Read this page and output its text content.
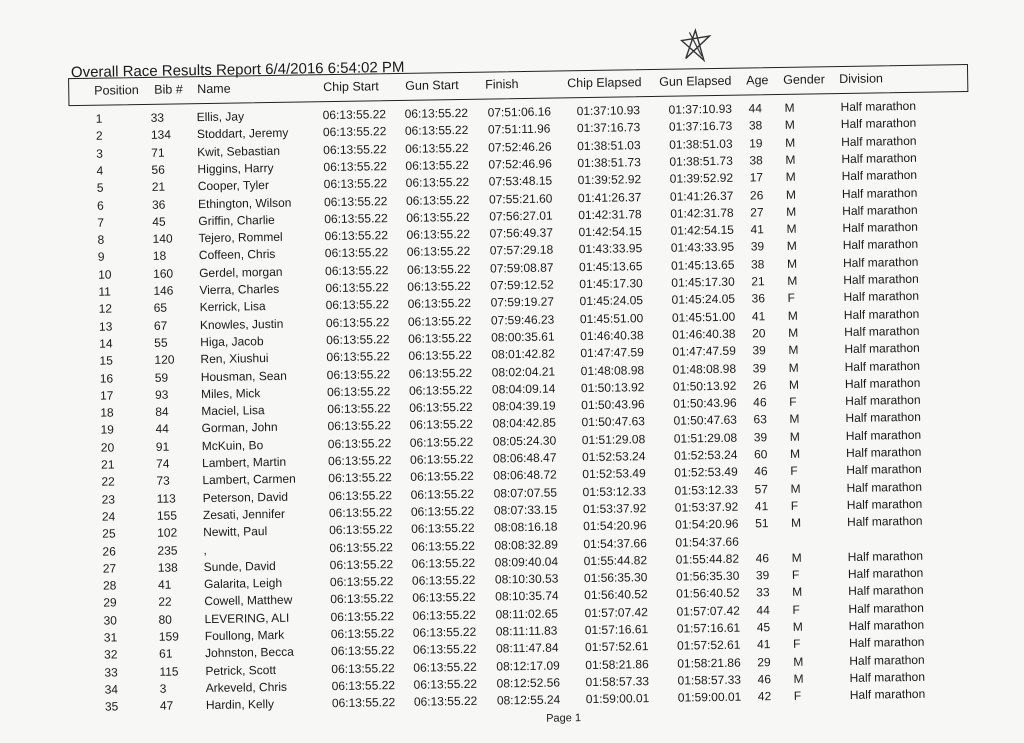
Overall Race Results Report 6/4/2016 6:54:02 PM
Position Bib # Name	Chip Start Gun Start Finish	Chip Elapsed Gun Elapsed Age Gender Division
1	33	Ellis, Jay	06:13:55.22 06:13:55.22 07:51:06.16 01:37:10.93 01:37:10.93 44 M	Half marathon
2	134 Stoddart, Jeremy	06:13:55.22 06:13:55.22 07:51:11.96 01:37:16.73 01:37:16.73 38 M	Half marathon
3	71	Kwit, Sebastian	06:13:55.22 06:13:55.22 07:52:46.26 01:38:51.03 01:38:51.03 19 M	Half marathon
4	56	Higgins, Harry	06:13:55.22 06:13:55.22 07:52:46.96 01:38:51.73 01:38:51.73 38 M	Half marathon
5	21	Cooper, Tyler	06:13:55.22 06:13:55.22 07:53:48.15 01:39:52.92 01:39:52.92 17 M	Half marathon
6	36	Ethington, Wilson	06:13:55.22 06:13:55.22 07:55:21.60 01:41:26.37 01:41:26.37 26 M	Half marathon
7	45	Griffin, Charlie	06:13:55.22 06:13:55.22 07:56:27.01 01:42:31.78 01:42:31.78 27 M	Half marathon
8	140 Tejero, Rommel	06:13:55.22 06:13:55.22 07:56:49.37 01:42:54.15 01:42:54.15 41 M	Half marathon
9	18	Coffeen, Chris	06:13:55.22 06:13:55.22 07:57:29.18 01:43:33.95 01:43:33.95 39 M	Half marathon
10	160 Gerdel, morgan	06:13:55.22 06:13:55.22 07:59:08.87 01:45:13.65 01:45:13.65 38 M	Half marathon
11	146 Vierra, Charles	06:13:55.22 06:13:55.22 07:59:12.52 01:45:17.30 01:45:17.30 21 M	Half marathon
12	65	Kerrick, Lisa	06:13:55.22 06:13:55.22 07:59:19.27 01:45:24.05 01:45:24.05 36 F	Half marathon
13	67	Knowles, Justin	06:13:55.22 06:13:55.22 07:59:46.23 01:45:51.00 01:45:51.00 41 M	Half marathon
14	55	Higa, Jacob	06:13:55.22 06:13:55.22 08:00:35.61 01:46:40.38 01:46:40.38 20 M	Half marathon
15	120 Ren, Xiushui	06:13:55.22 06:13:55.22 08:01:42.82 01:47:47.59 01:47:47.59 39 M	Half marathon
16	59	Housman, Sean	06:13:55.22 06:13:55.22 08:02:04.21 01:48:08.98 01:48:08.98 39 M	Half marathon
17	93	Miles, Mick	06:13:55.22 06:13:55.22 08:04:09.14 01:50:13.92 01:50:13.92 26 M	Half marathon
18	84	Maciel, Lisa	06:13:55.22 06:13:55.22 08:04:39.19 01:50:43.96 01:50:43.96 46 F	Half marathon
19	44	Gorman, John	06:13:55.22 06:13:55.22 08:04:42.85 01:50:47.63 01:50:47.63 63 M	Half marathon
20	91	McKuin, Bo	06:13:55.22 06:13:55.22 08:05:24.30 01:51:29.08 01:51:29.08 39 M	Half marathon
21	74	Lambert, Martin	06:13:55.22 06:13:55.22 08:06:48.47 01:52:53.24 01:52:53.24 60 M	Half marathon
22	73	Lambert, Carmen	06:13:55.22 06:13:55.22 08:06:48.72 01:52:53.49 01:52:53.49 46 F	Half marathon
23	113 Peterson, David	06:13:55.22 06:13:55.22 08:07:07.55 01:53:12.33 01:53:12.33 57 M	Half marathon
24	155 Zesati, Jennifer	06:13:55.22 06:13:55.22 08:07:33.15 01:53:37.92 01:53:37.92 41 F	Half marathon
25	102 Newitt, Paul	06:13:55.22 06:13:55.22 08:08:16.18 01:54:20.96 01:54:20.96 51 M	Half marathon
26	235 ,	06:13:55.22 06:13:55.22 08:08:32.89 01:54:37.66 01:54:37.66
27	138 Sunde, David	06:13:55.22 06:13:55.22 08:09:40.04 01:55:44.82 01:55:44.82 46 M	Half marathon
28	41	Galarita, Leigh	06:13:55.22 06:13:55.22 08:10:30.53 01:56:35.30 01:56:35.30 39 F	Half marathon
29	22	Cowell, Matthew	06:13:55.22 06:13:55.22 08:10:35.74 01:56:40.52 01:56:40.52 33 M	Half marathon
30	80	LEVERING, ALI	06:13:55.22 06:13:55.22 08:11:02.65 01:57:07.42 01:57:07.42 44 F	Half marathon
31	159 Foullong, Mark	06:13:55.22 06:13:55.22 08:11:11.83 01:57:16.61 01:57:16.61 45 M	Half marathon
32	61	Johnston, Becca	06:13:55.22 06:13:55.22 08:11:47.84 01:57:52.61 01:57:52.61 41 F	Half marathon
33	115 Petrick, Scott	06:13:55.22 06:13:55.22 08:12:17.09 01:58:21.86 01:58:21.86 29 M	Half marathon
34	3	Arkeveld, Chris	06:13:55.22 06:13:55.22 08:12:52.56 01:58:57.33 01:58:57.33 46 M	Half marathon
35	47	Hardin, Kelly	06:13:55.22 06:13:55.22 08:12:55.24 01:59:00.01 01:59:00.01 42 F	Half marathon
Page 1
